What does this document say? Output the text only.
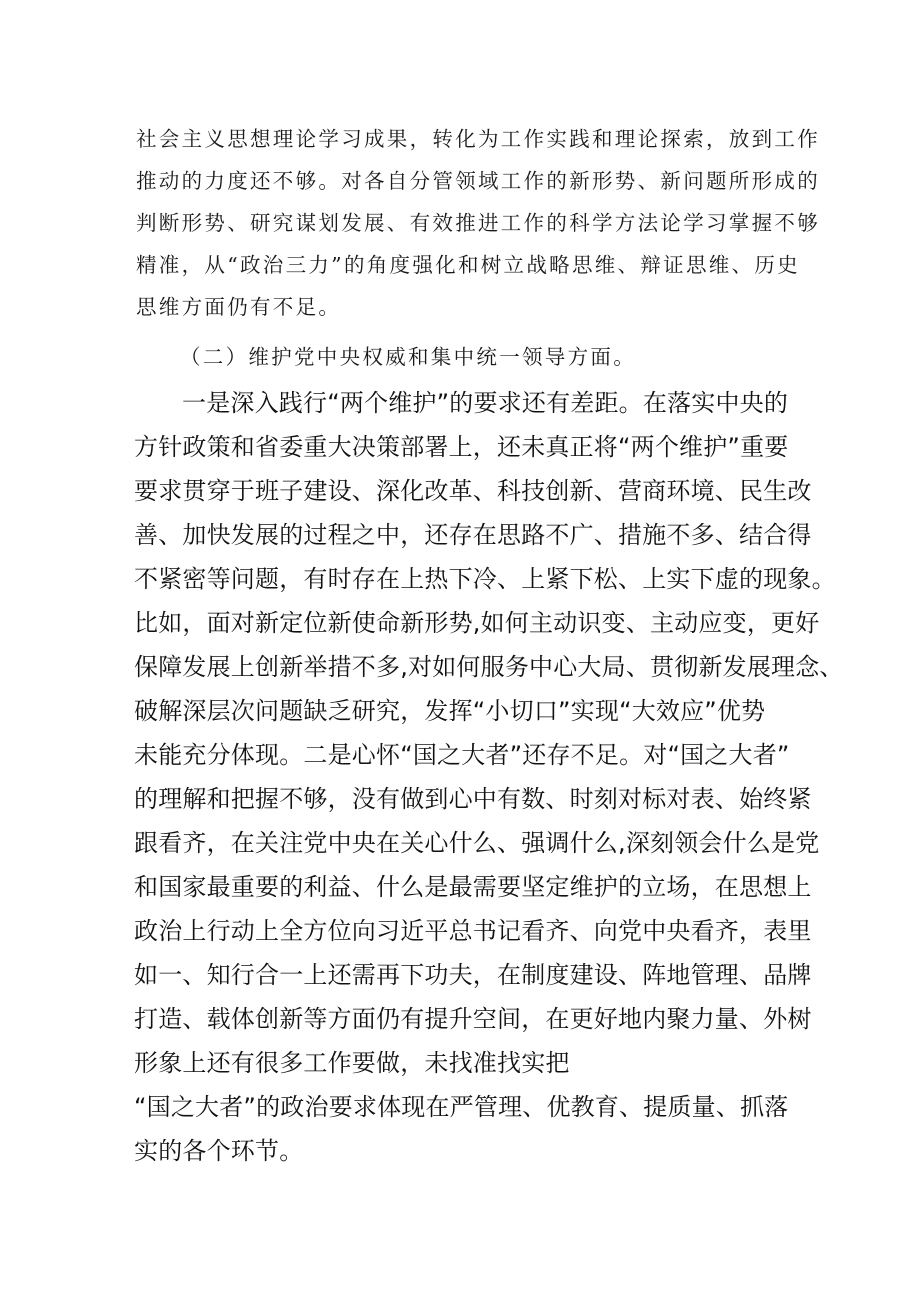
社会主义思想理论学习成果，转化为工作实践和理论探索，放到工作
推动的力度还不够。对各自分管领域工作的新形势、新问题所形成的
判断形势、研究谋划发展、有效推进工作的科学方法论学习掌握不够
精准，从“政治三力”的角度强化和树立战略思维、辩证思维、历史
思维方面仍有不足。
（二）维护党中央权威和集中统一领导方面。
一是深入践行“两个维护”的要求还有差距。在落实中央的
方针政策和省委重大决策部署上，还未真正将“两个维护”重要
要求贯穿于班子建设、深化改革、科技创新、营商环境、民生改
善、加快发展的过程之中，还存在思路不广、措施不多、结合得
不紧密等问题，有时存在上热下冷、上紧下松、上实下虚的现象。
比如，面对新定位新使命新形势,如何主动识变、主动应变，更好
保障发展上创新举措不多,对如何服务中心大局、贯彻新发展理念、
破解深层次问题缺乏研究，发挥“小切口”实现“大效应”优势
未能充分体现。二是心怀“国之大者”还存不足。对“国之大者”
的理解和把握不够，没有做到心中有数、时刻对标对表、始终紧
跟看齐，在关注党中央在关心什么、强调什么,深刻领会什么是党
和国家最重要的利益、什么是最需要坚定维护的立场，在思想上
政治上行动上全方位向习近平总书记看齐、向党中央看齐，表里
如一、知行合一上还需再下功夫，在制度建设、阵地管理、品牌
打造、载体创新等方面仍有提升空间，在更好地内聚力量、外树
形象上还有很多工作要做，未找准找实把
“国之大者”的政治要求体现在严管理、优教育、提质量、抓落
实的各个环节。
